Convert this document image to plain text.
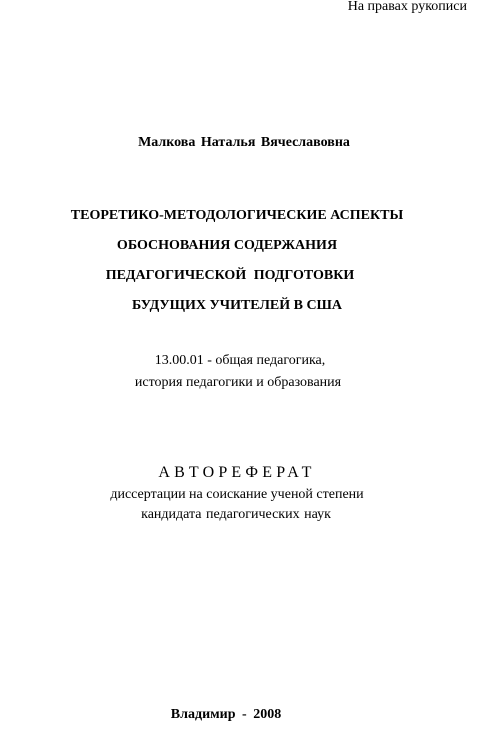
На правах рукописи
Малкова Наталья Вячеславовна
ТЕОРЕТИКО-МЕТОДОЛОГИЧЕСКИЕ АСПЕКТЫ
ОБОСНОВАНИЯ СОДЕРЖАНИЯ
ПЕДАГОГИЧЕСКОЙ ПОДГОТОВКИ
БУДУЩИХ УЧИТЕЛЕЙ В США
13.00.01 - общая педагогика,
история педагогики и образования
АВТОРЕФЕРАТ
диссертации на соискание ученой степени
кандидата педагогических наук
Владимир - 2008
